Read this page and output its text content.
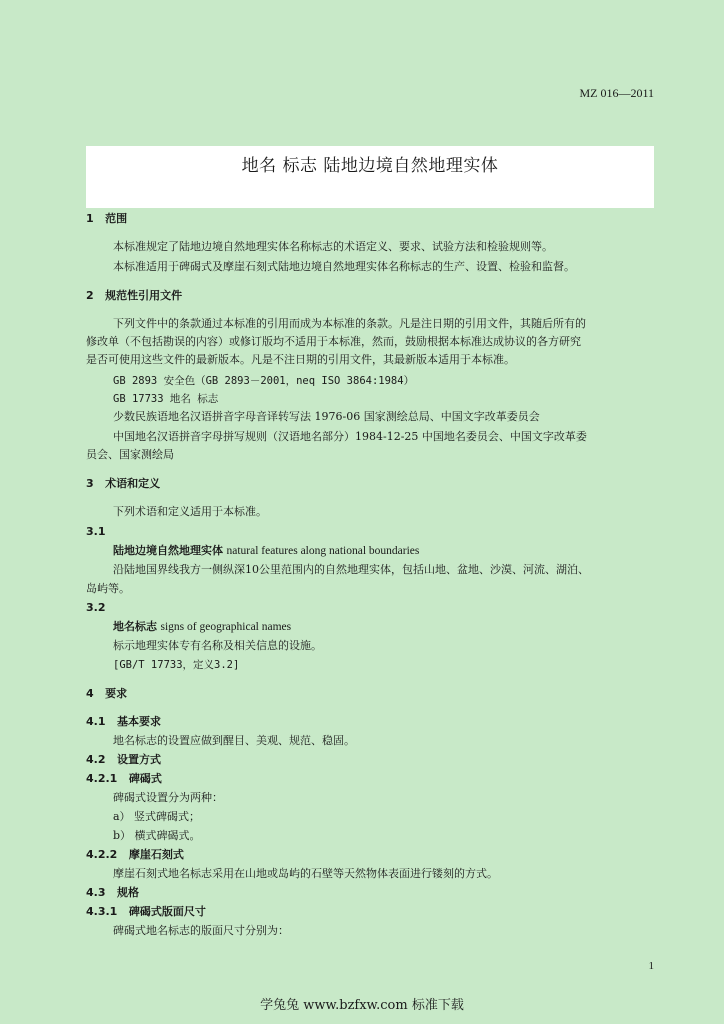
MZ 016—2011
地名 标志 陆地边境自然地理实体
1 范围
本标准规定了陆地边境自然地理实体名称标志的术语定义、要求、试验方法和检验规则等。
本标准适用于碑碣式及摩崖石刻式陆地边境自然地理实体名称标志的生产、设置、检验和监督。
2 规范性引用文件
下列文件中的条款通过本标准的引用而成为本标准的条款。凡是注日期的引用文件，其随后所有的
修改单（不包括勘误的内容）或修订版均不适用于本标准，然而，鼓励根据本标准达成协议的各方研究
是否可使用这些文件的最新版本。凡是不注日期的引用文件，其最新版本适用于本标准。
GB 2893 安全色（GB 2893－2001，neq ISO 3864:1984）
GB 17733 地名 标志
少数民族语地名汉语拼音字母音译转写法 1976-06 国家测绘总局、中国文字改革委员会
中国地名汉语拼音字母拼写规则（汉语地名部分）1984-12-25 中国地名委员会、中国文字改革委
员会、国家测绘局
3 术语和定义
下列术语和定义适用于本标准。
3.1
陆地边境自然地理实体 natural features along national boundaries
沿陆地国界线我方一侧纵深10公里范围内的自然地理实体，包括山地、盆地、沙漠、河流、湖泊、
岛屿等。
3.2
地名标志 signs of geographical names
标示地理实体专有名称及相关信息的设施。
[GB/T 17733，定义3.2]
4 要求
4.1 基本要求
地名标志的设置应做到醒目、美观、规范、稳固。
4.2 设置方式
4.2.1 碑碣式
碑碣式设置分为两种：
a） 竖式碑碣式；
b） 横式碑碣式。
4.2.2 摩崖石刻式
摩崖石刻式地名标志采用在山地或岛屿的石壁等天然物体表面进行镂刻的方式。
4.3 规格
4.3.1 碑碣式版面尺寸
碑碣式地名标志的版面尺寸分别为：
1
学兔兔 www.bzfxw.com 标准下载
